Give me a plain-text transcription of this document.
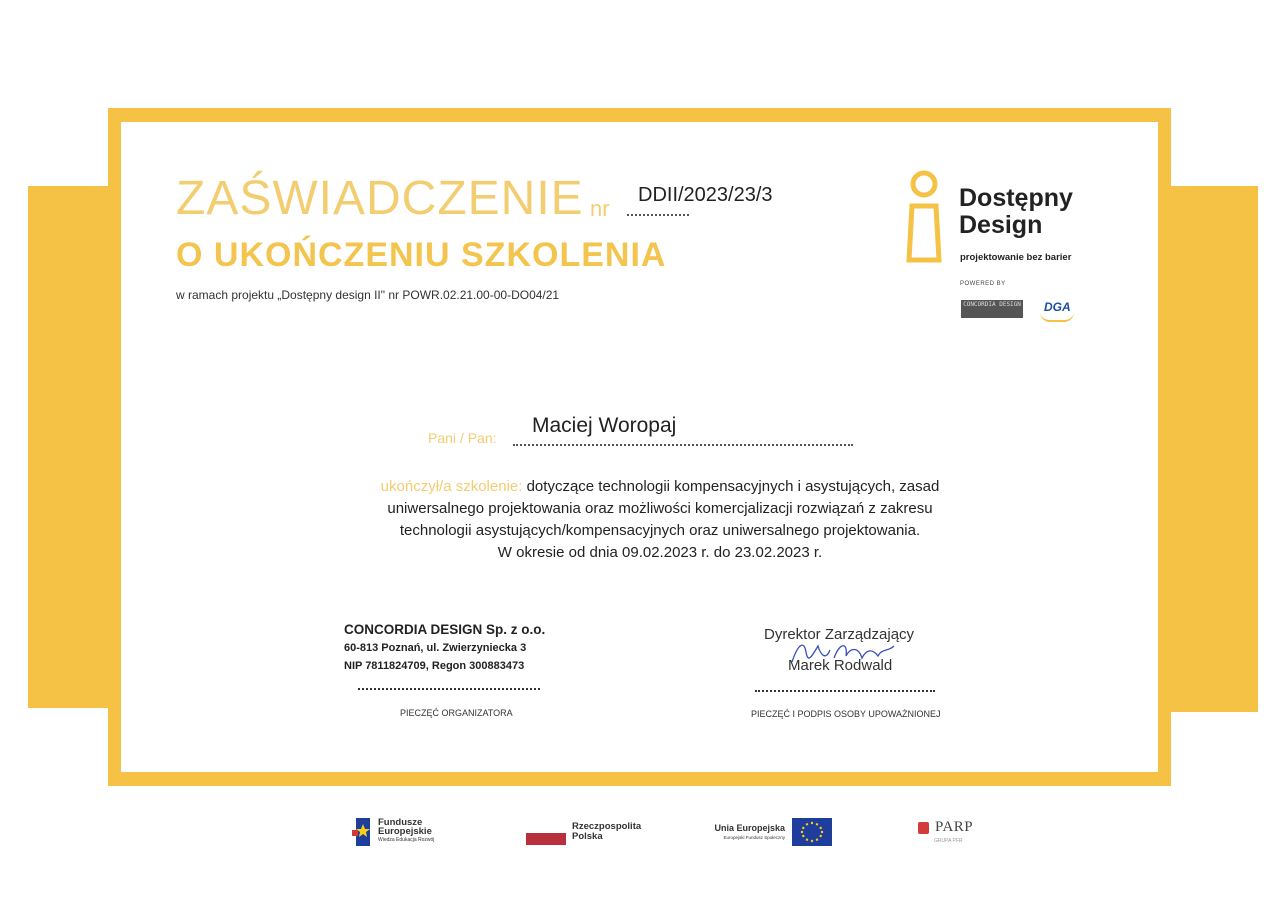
ZAŚWIADCZENIE nr
DDII/2023/23/3
O UKOŃCZENIU SZKOLENIA
w ramach projektu „Dostępny design II" nr POWR.02.21.00-00-DO04/21
Dostępny
Design
projektowanie bez barier
POWERED BY
CONCORDIA DESIGN DGA
Pani / Pan:
Maciej Woropaj
ukończył/a szkolenie: dotyczące technologii kompensacyjnych i asystujących, zasad
uniwersalnego projektowania oraz możliwości komercjalizacji rozwiązań z zakresu
technologii asystujących/kompensacyjnych oraz uniwersalnego projektowania.
W okresie od dnia 09.02.2023 r. do 23.02.2023 r.
CONCORDIA DESIGN Sp. z o.o.
60-813 Poznań, ul. Zwierzyniecka 3
NIP 7811824709, Regon 300883473
PIECZĘĆ ORGANIZATORA
Dyrektor Zarządzający
Marek Rodwald
PIECZĘĆ I PODPIS OSOBY UPOWAŻNIONEJ
Fundusze
Europejskie
Wiedza Edukacja Rozwój
Rzeczpospolita
Polska
Unia Europejska
Europejski Fundusz Społeczny
PARP
GRUPA PFR
